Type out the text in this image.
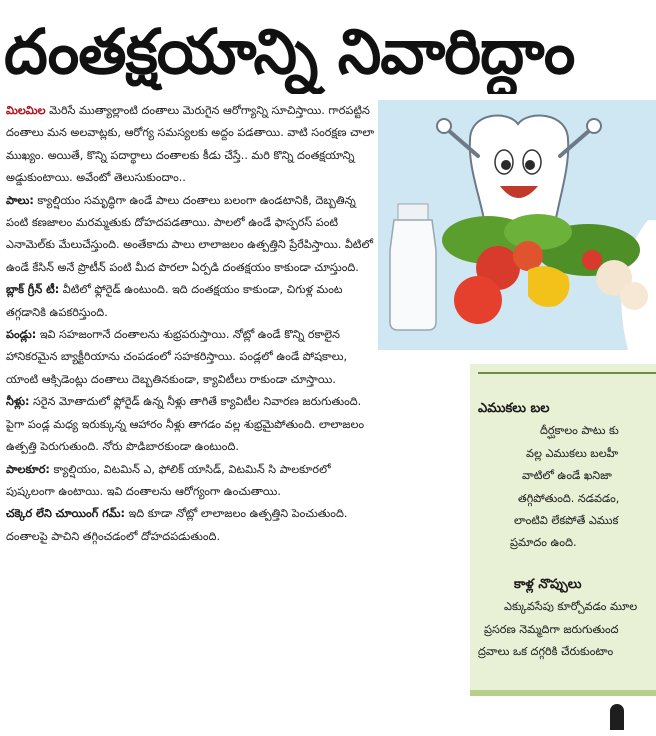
దంతక్షయాన్ని నివారిద్దాం

మిలమిల మెరిసే ముత్యాల్లాంటి దంతాలు మెరుగైన ఆరోగ్యాన్ని సూచిస్తాయి. గారపట్టిన దంతాలు మన అలవాట్లకు, ఆరోగ్య సమస్యలకు అద్దం పడతాయి. వాటి సంరక్షణ చాలా ముఖ్యం. అయితే, కొన్ని పదార్థాలు దంతాలకు కీడు చేస్తే.. మరి కొన్ని దంతక్షయాన్ని అడ్డుకుంటాయి. అవేంటో తెలుసుకుందాం..

పాలు: క్యాల్షియం సమృద్ధిగా ఉండే పాలు దంతాలు బలంగా ఉండటానికి, దెబ్బతిన్న పంటి కణజాలం మరమ్మతుకు దోహదపడతాయి. పాలలో ఉండే ఫాస్ఫరస్ పంటి ఎనామెల్‌కు మేలుచేస్తుంది. అంతేకాదు పాలు లాలాజలం ఉత్పత్తిని ప్రేరేపిస్తాయి. వీటిలో ఉండే కేసిన్ అనే ప్రొటీన్ పంటి మీద పొరలా ఏర్పడి దంతక్షయం కాకుండా చూస్తుంది.

బ్లాక్ గ్రీన్ టీ: వీటిలో ఫ్లోరైడ్ ఉంటుంది. ఇది దంతక్షయం కాకుండా, చిగుళ్ల మంట తగ్గడానికి ఉపకరిస్తుంది.

పండ్లు: ఇవి సహజంగానే దంతాలను శుభ్రపరుస్తాయి. నోట్లో ఉండే కొన్ని రకాలైన హానికరమైన బ్యాక్టీరియాను చంపడంలో సహకరిస్తాయి. పండ్లలో ఉండే పోషకాలు, యాంటి ఆక్సిడెంట్లు దంతాలు దెబ్బతినకుండా, క్యావిటీలు రాకుండా చూస్తాయి.

నీళ్లు: సరైన మోతాదులో ఫ్లోరైడ్ ఉన్న నీళ్లు తాగితే క్యావిటీల నివారణ జరుగుతుంది. పైగా పండ్ల మధ్య ఇరుక్కున్న ఆహారం నీళ్లు తాగడం వల్ల శుభ్రమైపోతుంది. లాలాజలం ఉత్పత్తి పెరుగుతుంది. నోరు పొడిబారకుండా ఉంటుంది.

పాలకూర: క్యాల్షియం, విటమిన్ ఎ, ఫోలిక్ యాసిడ్, విటమిన్ సి పాలకూరలో పుష్కలంగా ఉంటాయి. ఇవి దంతాలను ఆరోగ్యంగా ఉంచుతాయి.

చక్కెర లేని చూయింగ్ గమ్: ఇది కూడా నోట్లో లాలాజలం ఉత్పత్తిని పెంచుతుంది. దంతాలపై పాచిని తగ్గించడంలో దోహదపడుతుంది.

ఎముకలు బల
దీర్ఘకాలం పాటు కు
వల్ల ఎముకలు బలహీ
వాటిలో ఉండే ఖనిజా
తగ్గిపోతుంది. నడవడం,
లాంటివి లేకపోతే ఎముక
ప్రమాదం ఉంది.
కాళ్ల నొప్పులు
ఎక్కువసేపు కూర్చోవడం మూల
ప్రసరణ నెమ్మదిగా జరుగుతుంద
ద్రవాలు ఒక దగ్గరికి చేరుకుంటాం
